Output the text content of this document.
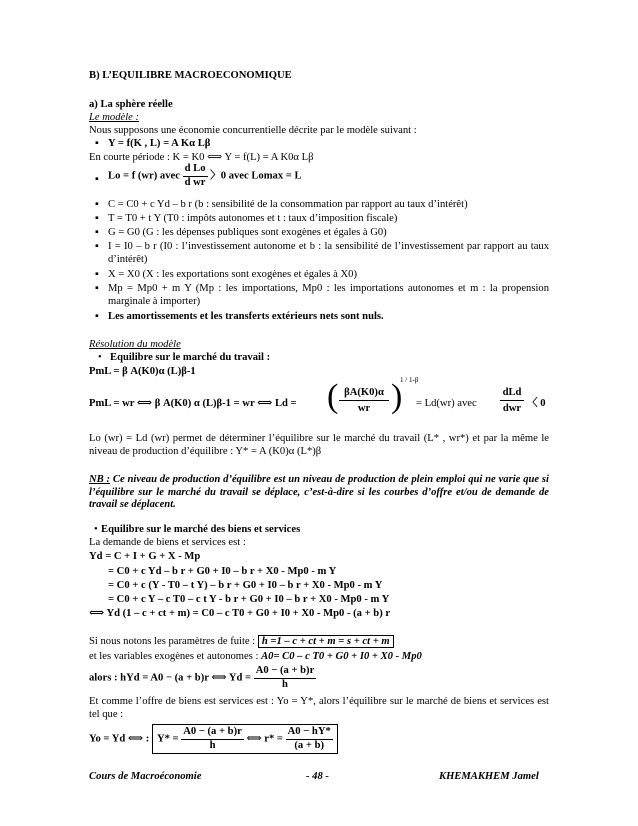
B) L’EQUILIBRE MACROECONOMIQUE
a) La sphère réelle
Le modèle :
Nous supposons une économie concurrentielle décrite par le modèle suivant :
▪ Y = f(K , L) = A Kα Lβ
En courte période : K = K0 ⟺ Y = f(L) = A K0α Lβ
▪ Lo = f (wr) avec $\frac{\text{d Lo}}{\text{d wr}}$ 〉0 avec Lomax = L
▪ C = C0 + c Yd – b r (b : sensibilité de la consommation par rapport au taux d’intérêt)
▪ T = T0 + t Y (T0 : impôts autonomes et t : taux d’imposition fiscale)
▪ G = G0 (G : les dépenses publiques sont exogènes et égales à G0)
▪ I = I0 – b r (I0 : l’investissement autonome et b : la sensibilité de l’investissement par rapport au taux d’intérêt)
▪ X = X0 (X : les exportations sont exogènes et égales à X0)
▪ Mp = Mp0 + m Y (Mp : les importations, Mp0 : les importations autonomes et m : la propension marginale à importer)
▪ Les amortissements et les transferts extérieurs nets sont nuls.
Résolution du modèle
• Equilibre sur le marché du travail :
PmL = β A(K0)α (L)β-1
PmL = wr ⟺ β A(K0) α (L)β-1 = wr ⟺ Ld = ( βA(K0)α
wr )
1 / 1-β
= Ld(wr) avec
dLd
dwr 〈 0
Lo (wr) = Ld (wr) permet de déterminer l’équilibre sur le marché du travail (L* , wr*) et par la même le niveau de production d’équilibre : Y* = A (K0)α (L*)β
NB : Ce niveau de production d’équilibre est un niveau de production de plein emploi qui ne varie que si l’équilibre sur le marché du travail se déplace, c’est-à-dire si les courbes d’offre et/ou de demande de travail se déplacent.
• Equilibre sur le marché des biens et services
La demande de biens et services est :
Yd = C + I + G + X - Mp
= C0 + c Yd – b r + G0 + I0 – b r + X0 - Mp0 - m Y
= C0 + c (Y - T0 – t Y) – b r + G0 + I0 – b r + X0 - Mp0 - m Y
= C0 + c Y – c T0 – c t Y - b r + G0 + I0 – b r + X0 - Mp0 - m Y
⟺ Yd (1 – c + ct + m) = C0 – c T0 + G0 + I0 + X0 - Mp0 - (a + b) r
Si nous notons les paramètres de fuite : h =1 – c + ct + m = s + ct + m
et les variables exogènes et autonomes : A0= C0 – c T0 + G0 + I0 + X0 - Mp0
alors : hYd = A0 − (a + b)r ⟺ $Yd = \frac{A0 - (a + b)r}{h}$
Et comme l’offre de biens est services est : Yo = Y*, alors l’équilibre sur le marché de biens et services est tel que :
Yo = Yd ⟺ : $Y* = \frac{A0 - (a + b)r}{h}$ ⟺ $r* = \frac{A0 - hY*}{(a + b)}$
Cours de Macroéconomie	- 48 -	KHEMAKHEM Jamel
